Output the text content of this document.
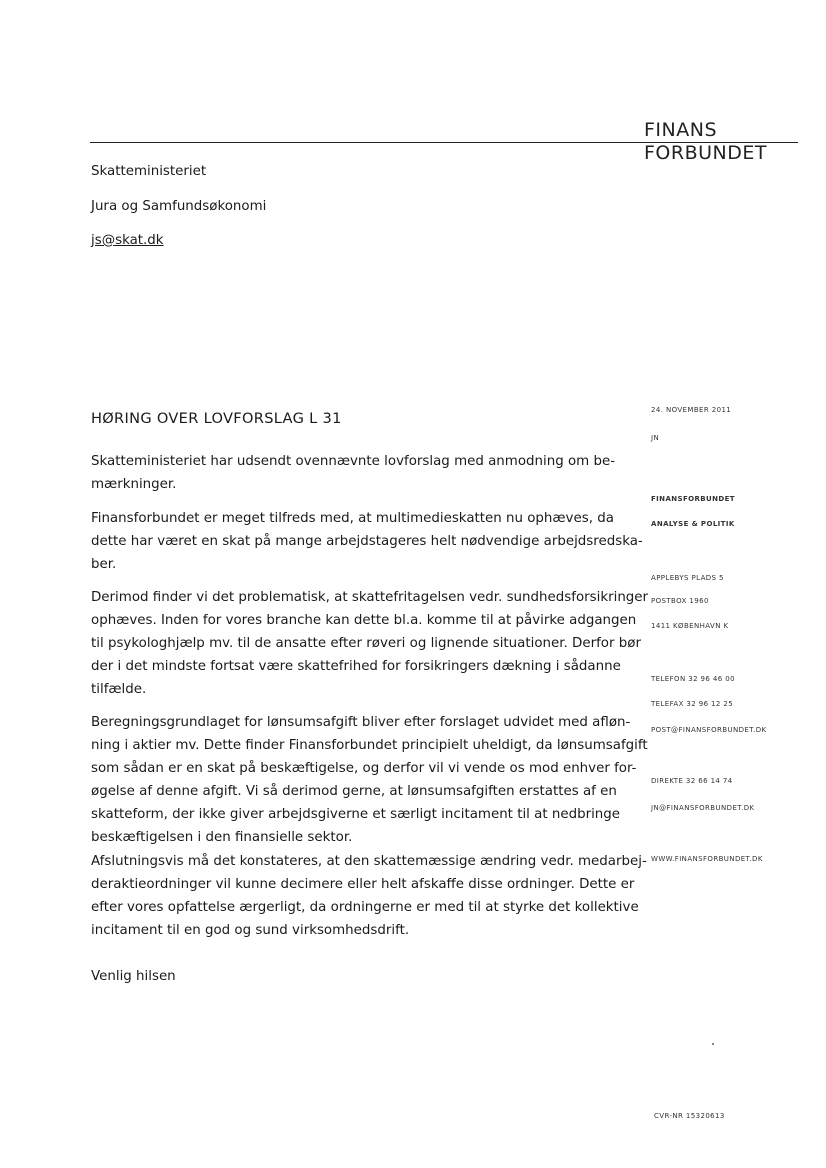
FINANS
FORBUNDET
Skatteministeriet
Jura og Samfundsøkonomi
js@skat.dk
HØRING OVER LOVFORSLAG L 31
Skatteministeriet har udsendt ovennævnte lovforslag med anmodning om be-
mærkninger.
Finansforbundet er meget tilfreds med, at multimedieskatten nu ophæves, da
dette har været en skat på mange arbejdstageres helt nødvendige arbejdsredska-
ber.
Derimod finder vi det problematisk, at skattefritagelsen vedr. sundhedsforsikringer
ophæves. Inden for vores branche kan dette bl.a. komme til at påvirke adgangen
til psykologhjælp mv. til de ansatte efter røveri og lignende situationer. Derfor bør
der i det mindste fortsat være skattefrihed for forsikringers dækning i sådanne
tilfælde.
Beregningsgrundlaget for lønsumsafgift bliver efter forslaget udvidet med afløn-
ning i aktier mv. Dette finder Finansforbundet principielt uheldigt, da lønsumsafgift
som sådan er en skat på beskæftigelse, og derfor vil vi vende os mod enhver for-
øgelse af denne afgift. Vi så derimod gerne, at lønsumsafgiften erstattes af en
skatteform, der ikke giver arbejdsgiverne et særligt incitament til at nedbringe
beskæftigelsen i den finansielle sektor.
Afslutningsvis må det konstateres, at den skattemæssige ændring vedr. medarbej-
deraktieordninger vil kunne decimere eller helt afskaffe disse ordninger. Dette er
efter vores opfattelse ærgerligt, da ordningerne er med til at styrke det kollektive
incitament til en god og sund virksomhedsdrift.
Venlig hilsen
24. NOVEMBER 2011
JN
FINANSFORBUNDET
ANALYSE & POLITIK
APPLEBYS PLADS 5
POSTBOX 1960
1411 KØBENHAVN K
TELEFON 32 96 46 00
TELEFAX 32 96 12 25
POST@FINANSFORBUNDET.DK
DIREKTE 32 66 14 74
JN@FINANSFORBUNDET.DK
WWW.FINANSFORBUNDET.DK
CVR-NR 15320613
